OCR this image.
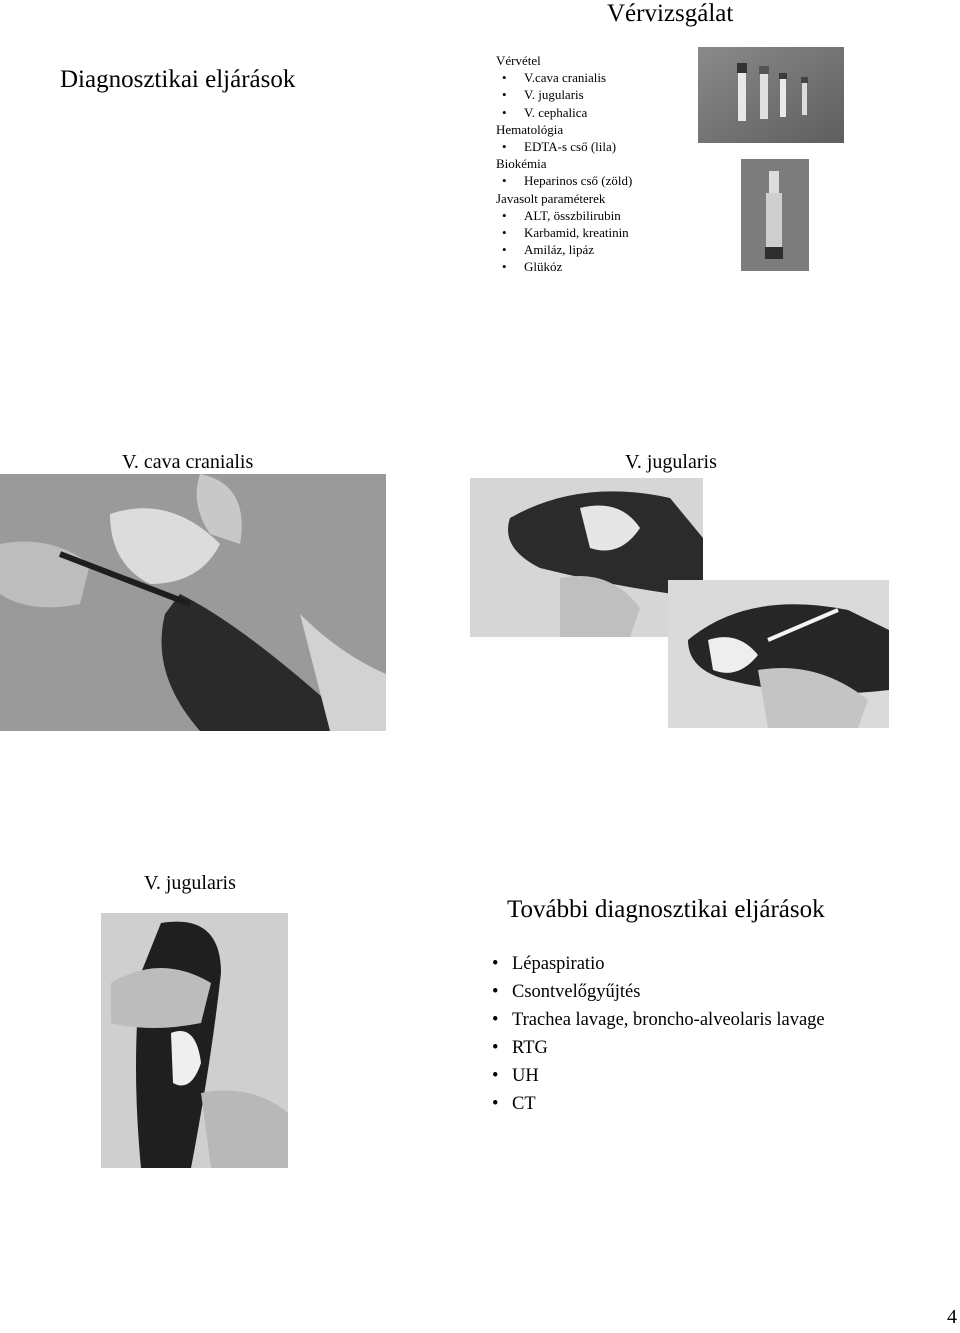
Diagnosztikai eljárások
Vérvizsgálat
Vérvétel
• V.cava cranialis
• V. jugularis
• V. cephalica
Hematológia
• EDTA-s cső (lila)
Biokémia
• Heparinos cső (zöld)
Javasolt paraméterek
• ALT, összbilirubin
• Karbamid, kreatinin
• Amiláz, lipáz
• Glükóz
V. cava cranialis	V. jugularis
V. jugularis
További diagnosztikai eljárások
• Lépaspiratio
• Csontvelőgyűjtés
• Trachea lavage, broncho-alveolaris lavage
• RTG
• UH
• CT
4
